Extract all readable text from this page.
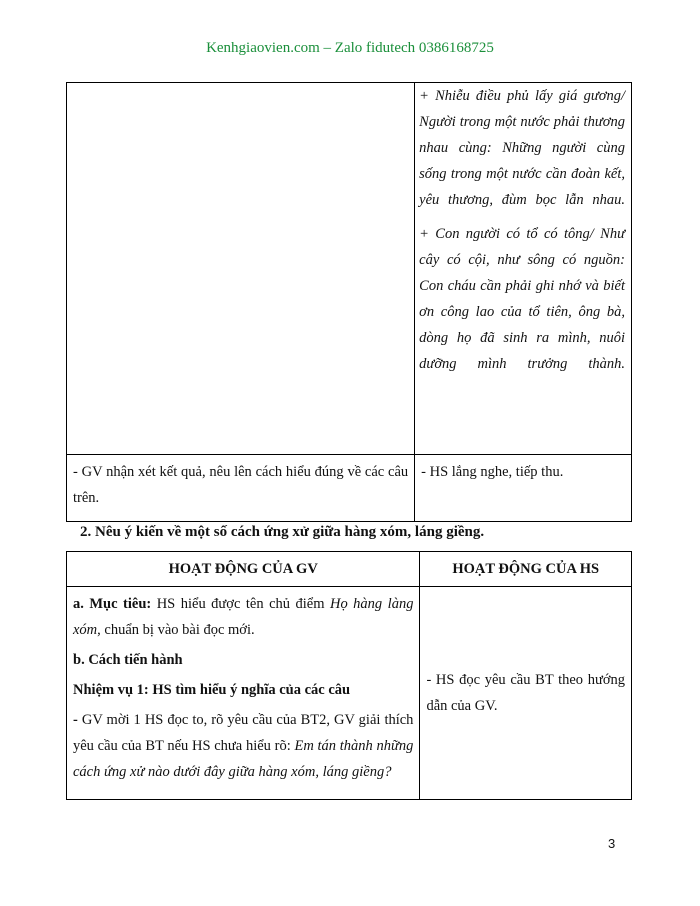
Kenhgiaovien.com – Zalo fidutech 0386168725

	+ Nhiễu điều phủ lấy giá gương/ Người trong một nước phải thương nhau cùng: Những người cùng sống trong một nước cần đoàn kết, yêu thương, đùm bọc lẫn nhau.

+ Con người có tổ có tông/ Như cây có cội, như sông có nguồn: Con cháu cần phải ghi nhớ và biết ơn công lao của tổ tiên, ông bà, dòng họ đã sinh ra mình, nuôi dưỡng mình trưởng thành.

- GV nhận xét kết quả, nêu lên cách hiểu đúng về các câu trên.	- HS lắng nghe, tiếp thu.

2. Nêu ý kiến về một số cách ứng xử giữa hàng xóm, láng giềng.
HOẠT ĐỘNG CỦA GV	HOẠT ĐỘNG CỦA HS

a. Mục tiêu: HS hiểu được tên chủ điểm Họ hàng làng xóm, chuẩn bị vào bài đọc mới.

b. Cách tiến hành

Nhiệm vụ 1: HS tìm hiểu ý nghĩa của các câu

- GV mời 1 HS đọc to, rõ yêu cầu của BT2, GV giải thích yêu cầu của BT nếu HS chưa hiểu rõ: Em tán thành những cách ứng xử nào dưới đây giữa hàng xóm, láng giềng?	- HS đọc yêu cầu BT theo hướng dẫn của GV.

3
